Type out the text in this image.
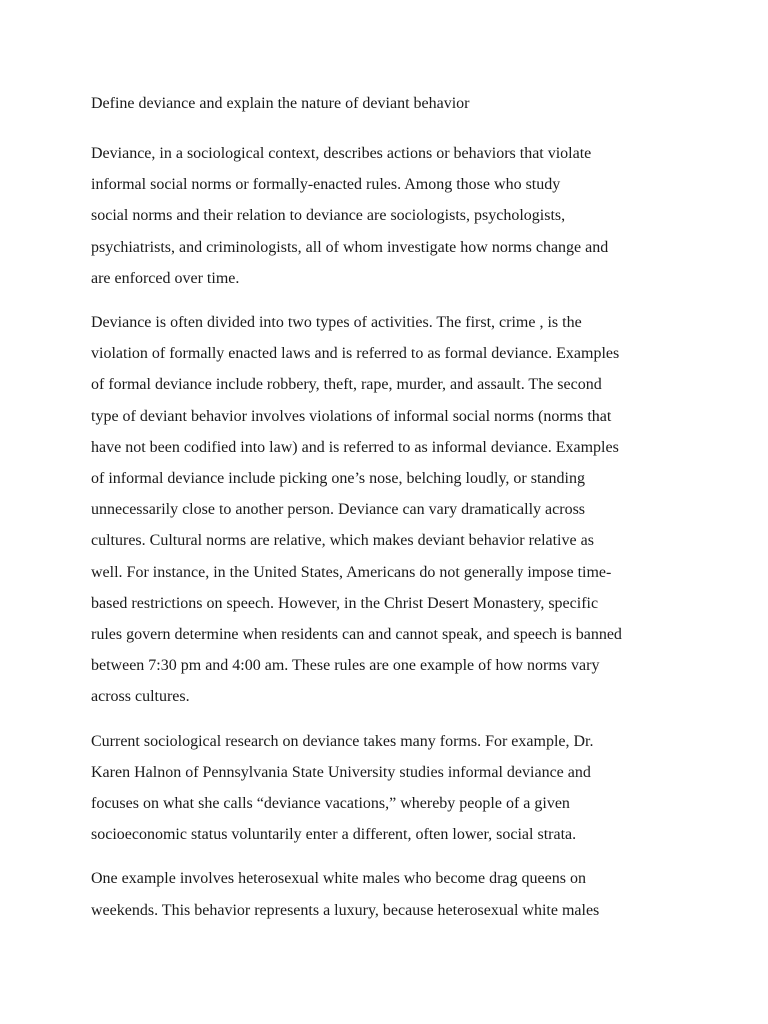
Define deviance and explain the nature of deviant behavior
Deviance, in a sociological context, describes actions or behaviors that violate
informal social norms or formally-enacted rules. Among those who study
social norms and their relation to deviance are sociologists, psychologists,
psychiatrists, and criminologists, all of whom investigate how norms change and
are enforced over time.
Deviance is often divided into two types of activities. The first, crime , is the
violation of formally enacted laws and is referred to as formal deviance. Examples
of formal deviance include robbery, theft, rape, murder, and assault. The second
type of deviant behavior involves violations of informal social norms (norms that
have not been codified into law) and is referred to as informal deviance. Examples
of informal deviance include picking one’s nose, belching loudly, or standing
unnecessarily close to another person. Deviance can vary dramatically across
cultures. Cultural norms are relative, which makes deviant behavior relative as
well. For instance, in the United States, Americans do not generally impose time-
based restrictions on speech. However, in the Christ Desert Monastery, specific
rules govern determine when residents can and cannot speak, and speech is banned
between 7:30 pm and 4:00 am. These rules are one example of how norms vary
across cultures.
Current sociological research on deviance takes many forms. For example, Dr.
Karen Halnon of Pennsylvania State University studies informal deviance and
focuses on what she calls “deviance vacations,” whereby people of a given
socioeconomic status voluntarily enter a different, often lower, social strata.
One example involves heterosexual white males who become drag queens on
weekends. This behavior represents a luxury, because heterosexual white males
